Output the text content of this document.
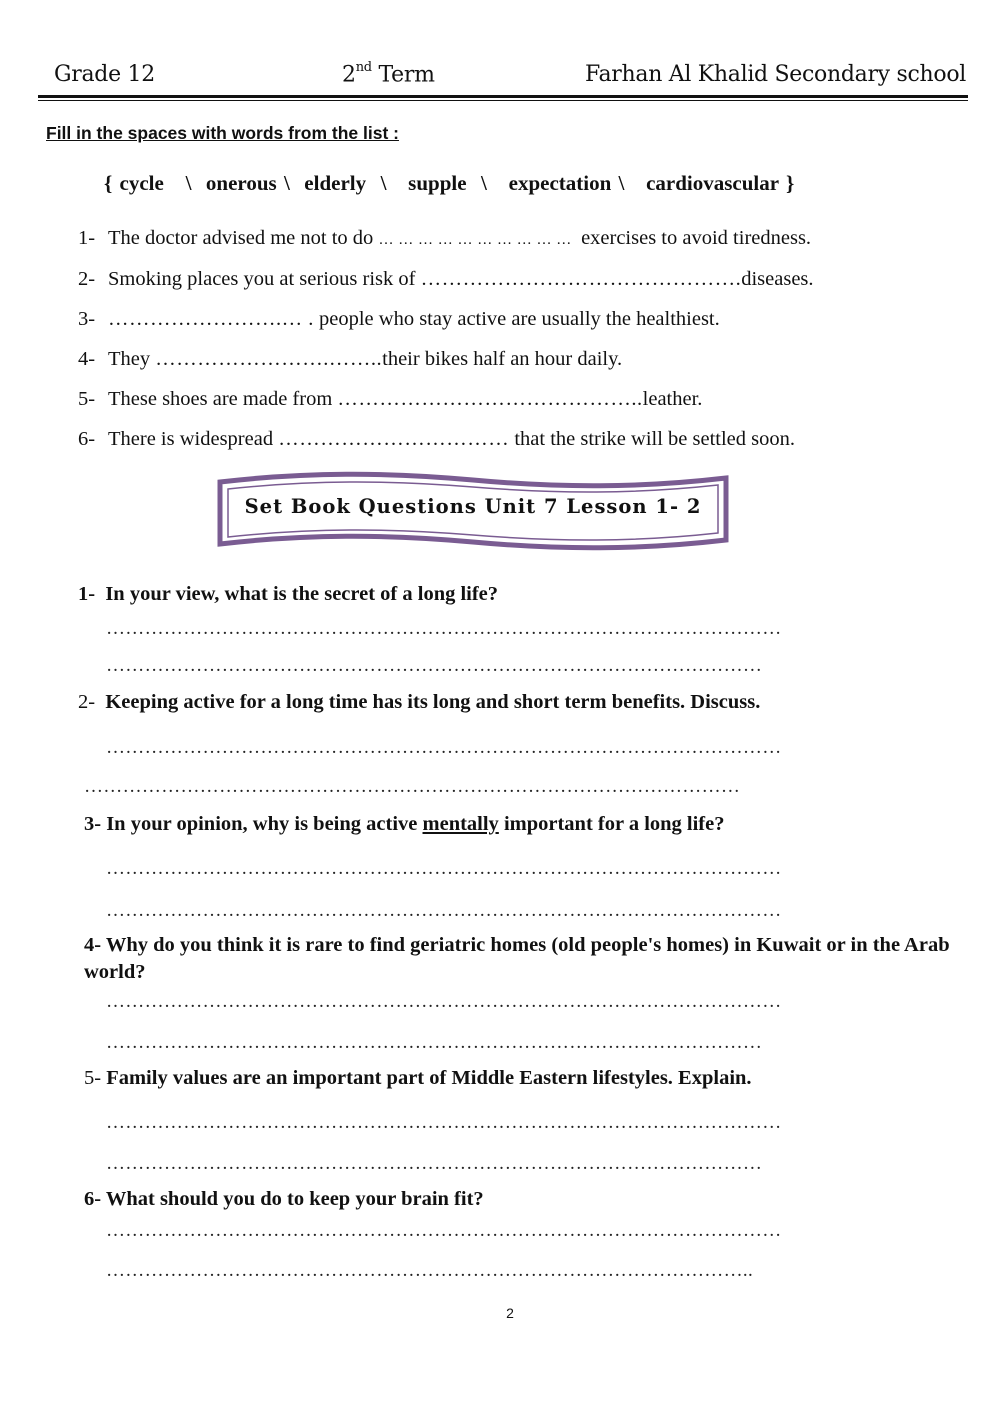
Grade 12	2nd Term	Farhan Al Khalid Secondary school
Fill in the spaces with words from the list :
{ cycle   \  onerous \  elderly  \   supple  \   expectation \   cardiovascular }
1- The doctor advised me not to do … … … … … … … … … …  exercises to avoid tiredness.
2- Smoking places you at serious risk of ……………………………………….diseases.
3- …………………….… . people who stay active are usually the healthiest.
4- They …………………….……..their bikes half an hour daily.
5- These shoes are made from ……………………………………..leather.
6- There is widespread …………………………… that the strike will be settled soon.
Set Book Questions Unit 7 Lesson 1- 2
1- In your view, what is the secret of a long life?
……………………………………………………………………………………………
…………………………………………………………………………………………
2- Keeping active for a long time has its long and short term benefits. Discuss.
……………………………………………………………………………………………
…………………………………………………………………………………………
3- In your opinion, why is being active mentally important for a long life?
……………………………………………………………………………………………
……………………………………………………………………………………………
4- Why do you think it is rare to find geriatric homes (old people's homes) in Kuwait or in the Arab world?
……………………………………………………………………………………………
…………………………………………………………………………………………
5- Family values are an important part of Middle Eastern lifestyles. Explain.
……………………………………………………………………………………………
…………………………………………………………………………………………
6- What should you do to keep your brain fit?
……………………………………………………………………………………………
………………………………………………………………………………………..
2
